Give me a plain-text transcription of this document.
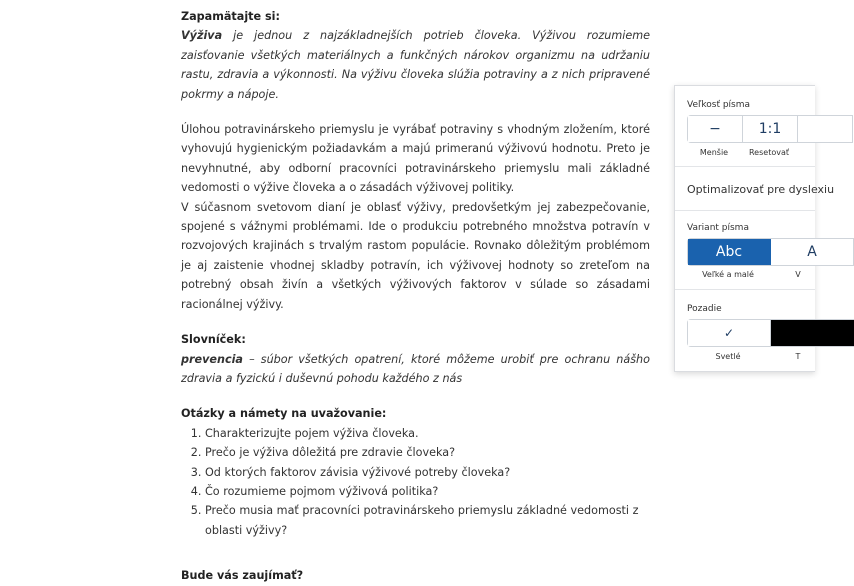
Zapamätajte si:

Výživa je jednou z najzákladnejších potrieb človeka. Výživou rozumieme zaisťovanie všetkých materiálnych a funkčných nárokov organizmu na udržaniu rastu, zdravia a výkonnosti. Na výživu človeka slúžia potraviny a z nich pripravené pokrmy a nápoje.

Úlohou potravinárskeho priemyslu je vyrábať potraviny s vhodným zložením, ktoré vyhovujú hygienickým požiadavkám a majú primeranú výživovú hodnotu. Preto je nevyhnutné, aby odborní pracovníci potravinárskeho priemyslu mali základné vedomosti o výžive človeka a o zásadách výživovej politiky.

V súčasnom svetovom dianí je oblasť výživy, predovšetkým jej zabezpečovanie, spojené s vážnymi problémami. Ide o produkciu potrebného množstva potravín v rozvojových krajinách s trvalým rastom populácie. Rovnako dôležitým problémom je aj zaistenie vhodnej skladby potravín, ich výživovej hodnoty so zreteľom na potrebný obsah živín a všetkých výživových faktorov v súlade so zásadami racionálnej výživy.

Slovníček:

prevencia – súbor všetkých opatrení, ktoré môžeme urobiť pre ochranu nášho zdravia a fyzickú i duševnú pohodu každého z nás

Otázky a námety na uvažovanie:

1. Charakterizujte pojem výživa človeka.
2. Prečo je výživa dôležitá pre zdravie človeka?
3. Od ktorých faktorov závisia výživové potreby človeka?
4. Čo rozumieme pojmom výživová politika?
5. Prečo musia mať pracovníci potravinárskeho priemyslu základné vedomosti z oblasti výživy?

Bude vás zaujímať?

Veľkosť písma
−	1:1
Menšie	Resetovať
Optimalizovať pre dyslexiu
Variant písma
Abc	A
Veľké a malé	V
Pozadie
✓
Svetlé	T
